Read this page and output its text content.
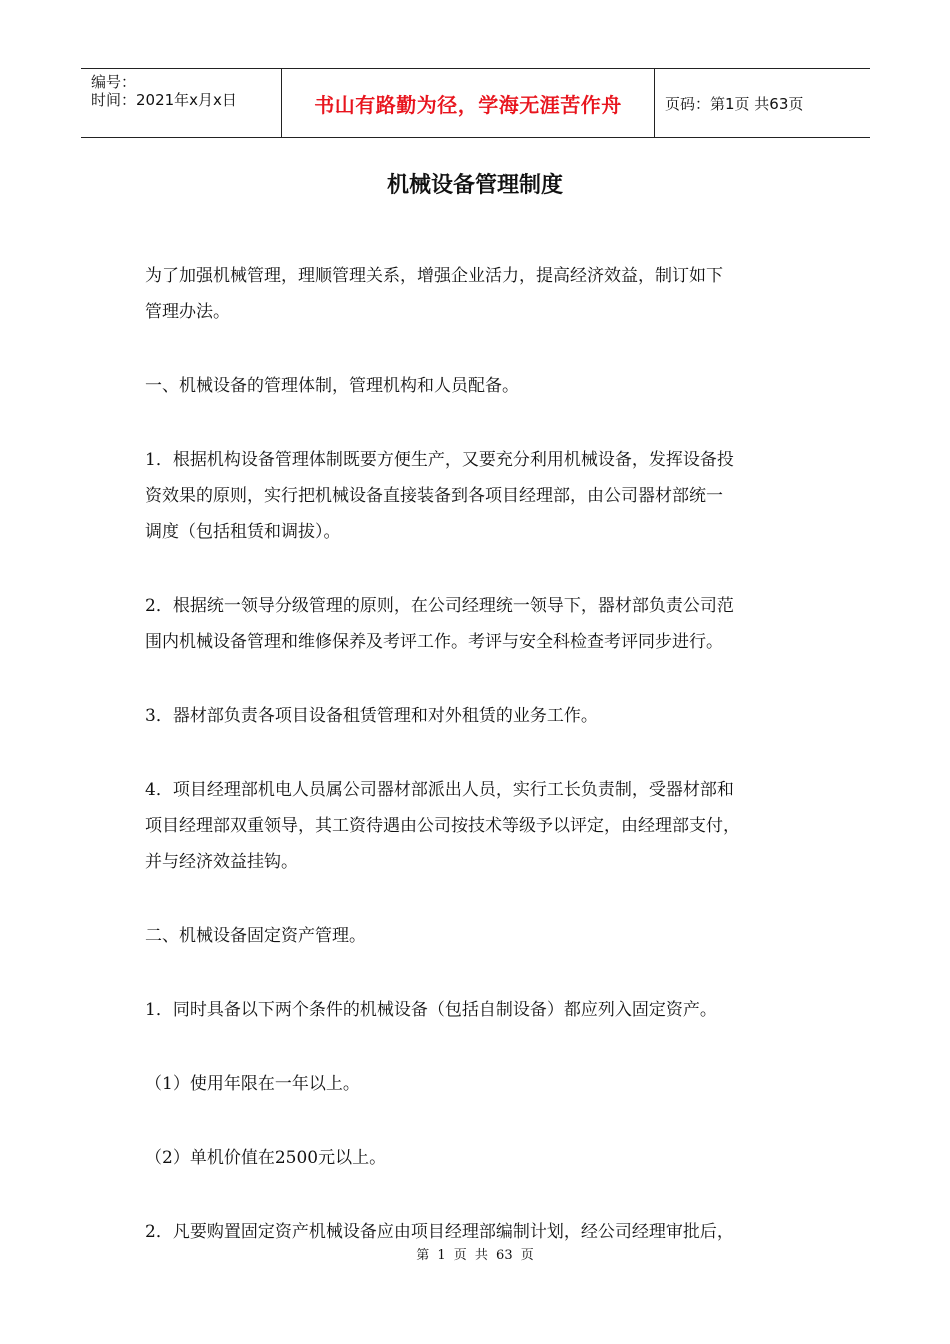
编号：
时间：2021年x月x日	书山有路勤为径，学海无涯苦作舟	页码：第1页 共63页
机械设备管理制度

为了加强机械管理，理顺管理关系，增强企业活力，提高经济效益，制订如下
管理办法。

一、机械设备的管理体制，管理机构和人员配备。

1．根据机构设备管理体制既要方便生产，又要充分利用机械设备，发挥设备投
资效果的原则，实行把机械设备直接装备到各项目经理部，由公司器材部统一
调度（包括租赁和调拔）。

2．根据统一领导分级管理的原则，在公司经理统一领导下，器材部负责公司范
围内机械设备管理和维修保养及考评工作。考评与安全科检查考评同步进行。

3．器材部负责各项目设备租赁管理和对外租赁的业务工作。

4．项目经理部机电人员属公司器材部派出人员，实行工长负责制，受器材部和
项目经理部双重领导，其工资待遇由公司按技术等级予以评定，由经理部支付，
并与经济效益挂钩。

二、机械设备固定资产管理。

1．同时具备以下两个条件的机械设备（包括自制设备）都应列入固定资产。

（1）使用年限在一年以上。

（2）单机价值在2500元以上。

2．凡要购置固定资产机械设备应由项目经理部编制计划，经公司经理审批后，

第 1 页 共 63 页
